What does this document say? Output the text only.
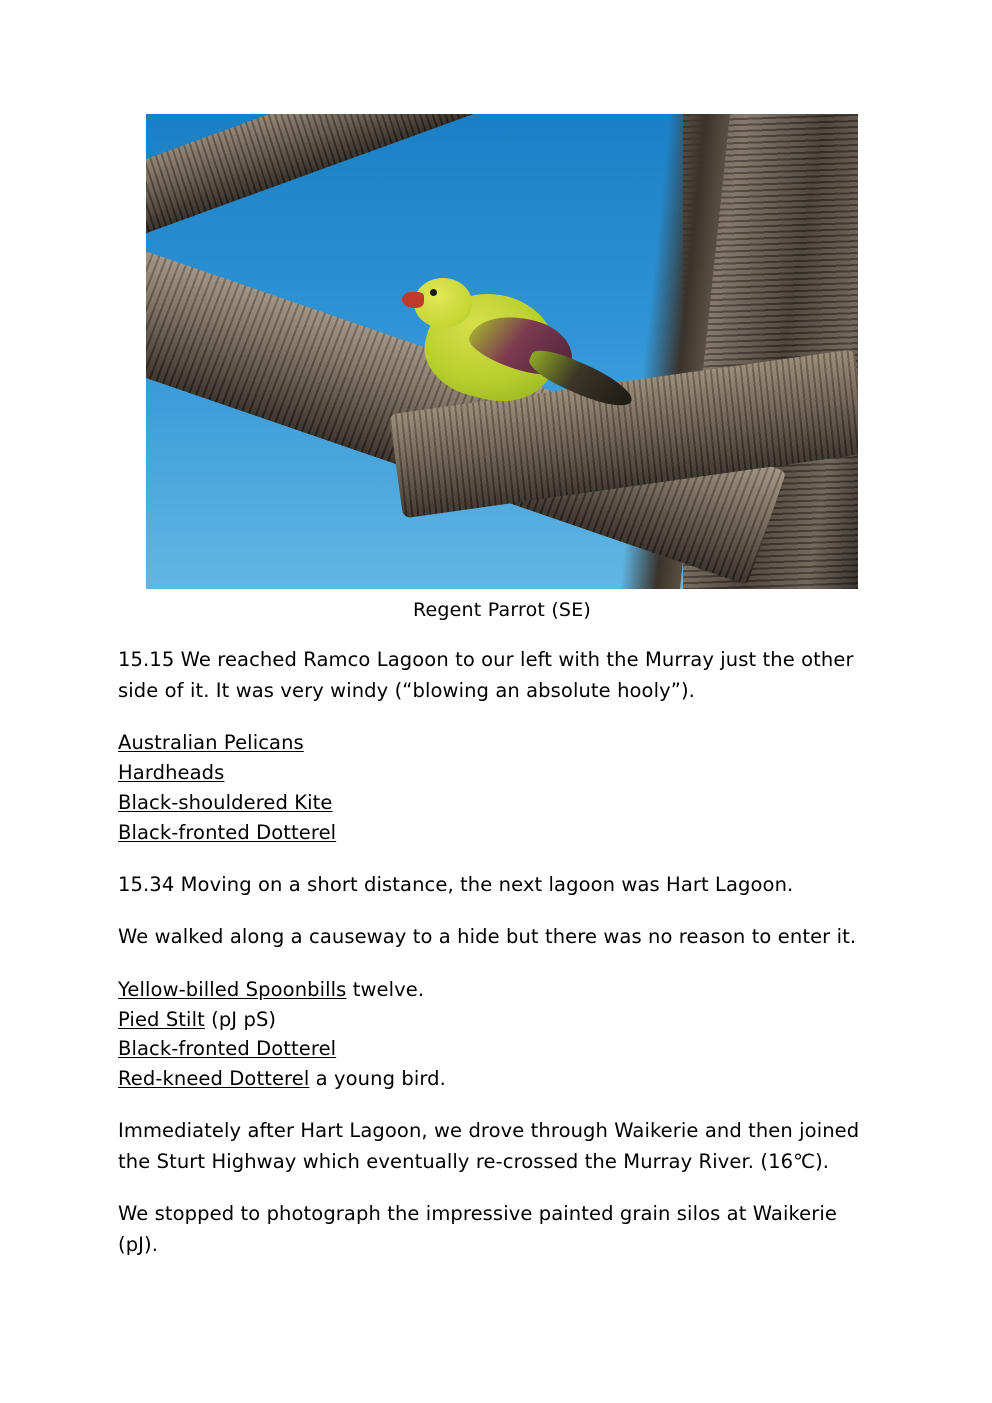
Regent Parrot (SE)

15.15 We reached Ramco Lagoon to our left with the Murray just the other side of it. It was very windy (“blowing an absolute hooly”).

Australian Pelicans

Hardheads

Black-shouldered Kite

Black-fronted Dotterel

15.34 Moving on a short distance, the next lagoon was Hart Lagoon.

We walked along a causeway to a hide but there was no reason to enter it.

Yellow-billed Spoonbills twelve.

Pied Stilt (pJ pS)

Black-fronted Dotterel

Red-kneed Dotterel a young bird.

Immediately after Hart Lagoon, we drove through Waikerie and then joined the Sturt Highway which eventually re-crossed the Murray River. (16℃).

We stopped to photograph the impressive painted grain silos at Waikerie (pJ).
